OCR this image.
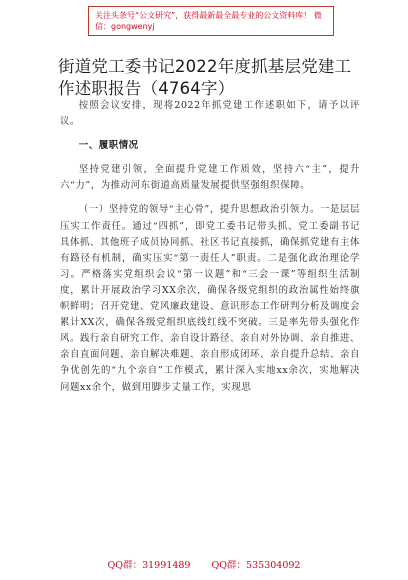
关注头条号“公文研究”，获得最新最全最专业的公文资料库！ 微信：gongwenyj
街道党工委书记2022年度抓基层党建工作述职报告（4764字）

按照会议安排，现将2022年抓党建工作述职如下，请予以评议。

一、履职情况

坚持党建引领，全面提升党建工作质效，坚持六“主”，提升六“力”，为推动河东街道高质量发展提供坚强组织保障。

（一）坚持党的领导“主心骨”，提升思想政治引领力。一是层层压实工作责任。通过“四抓”，即党工委书记带头抓、党工委副书记具体抓、其他班子成员协同抓、社区书记直接抓，确保抓党建有主体有路径有机制，确实压实“第一责任人”职责。二是强化政治理论学习。严格落实党组织会议“第一议题”和“三会一课”等组织生活制度，累计开展政治学习XX余次，确保各级党组织的政治属性始终旗帜鲜明；召开党建、党风廉政建设、意识形态工作研判分析及调度会累计XX次，确保各级党组织底线红线不突破。三是率先带头强化作风。践行亲自研究工作、亲自设计路径、亲自对外协调、亲自推进、亲自直面问题、亲自解决难题、亲自形成闭环、亲自提升总结、亲自争优创先的“九个亲自”工作模式，累计深入实地xx余次，实地解决问题xx余个，做到用脚步丈量工作，实现思

QQ群：31991489 QQ群：535304092
